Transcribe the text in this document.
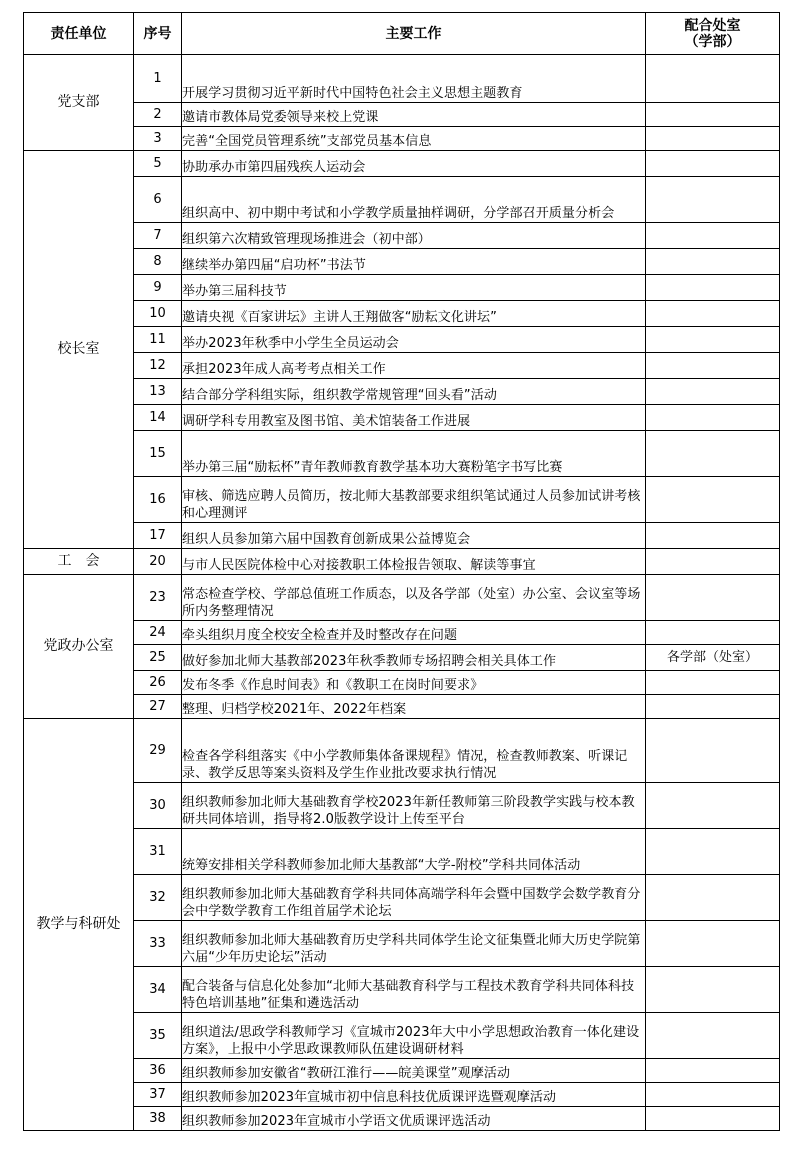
责任单位	序号	主要工作	配合处室
（学部）

党支部	1	开展学习贯彻习近平新时代中国特色社会主义思想主题教育	
	2	邀请市教体局党委领导来校上党课	
	3	完善“全国党员管理系统”支部党员基本信息	
校长室	5	协助承办市第四届残疾人运动会	
	6	组织高中、初中期中考试和小学教学质量抽样调研，分学部召开质量分析会	
	7	组织第六次精致管理现场推进会（初中部）	
	8	继续举办第四届“启功杯”书法节	
	9	举办第三届科技节	
	10	邀请央视《百家讲坛》主讲人王翔做客“励耘文化讲坛”	
	11	举办2023年秋季中小学生全员运动会	
	12	承担2023年成人高考考点相关工作	
	13	结合部分学科组实际，组织教学常规管理“回头看”活动	
	14	调研学科专用教室及图书馆、美术馆装备工作进展	
	15	举办第三届“励耘杯”青年教师教育教学基本功大赛粉笔字书写比赛	
	16	审核、筛选应聘人员简历，按北师大基教部要求组织笔试通过人员参加试讲考核和心理测评	
	17	组织人员参加第六届中国教育创新成果公益博览会	
工　会	20	与市人民医院体检中心对接教职工体检报告领取、解读等事宜	
党政办公室	23	常态检查学校、学部总值班工作质态，以及各学部（处室）办公室、会议室等场所内务整理情况	
	24	牵头组织月度全校安全检查并及时整改存在问题	
	25	做好参加北师大基教部2023年秋季教师专场招聘会相关具体工作	各学部（处室）
	26	发布冬季《作息时间表》和《教职工在岗时间要求》	
	27	整理、归档学校2021年、2022年档案	
教学与科研处	29	检查各学科组落实《中小学教师集体备课规程》情况，检查教师教案、听课记录、教学反思等案头资料及学生作业批改要求执行情况	
	30	组织教师参加北师大基础教育学校2023年新任教师第三阶段教学实践与校本教研共同体培训，指导将2.0版教学设计上传至平台	
	31	统筹安排相关学科教师参加北师大基教部“大学-附校”学科共同体活动	
	32	组织教师参加北师大基础教育学科共同体高端学科年会暨中国数学会数学教育分会中学数学教育工作组首届学术论坛	
	33	组织教师参加北师大基础教育历史学科共同体学生论文征集暨北师大历史学院第六届“少年历史论坛”活动	
	34	配合装备与信息化处参加“北师大基础教育科学与工程技术教育学科共同体科技特色培训基地”征集和遴选活动	
	35	组织道法/思政学科教师学习《宣城市2023年大中小学思想政治教育一体化建设方案》，上报中小学思政课教师队伍建设调研材料	
	36	组织教师参加安徽省“教研江淮行——皖美课堂”观摩活动	
	37	组织教师参加2023年宣城市初中信息科技优质课评选暨观摩活动	
	38	组织教师参加2023年宣城市小学语文优质课评选活动	
